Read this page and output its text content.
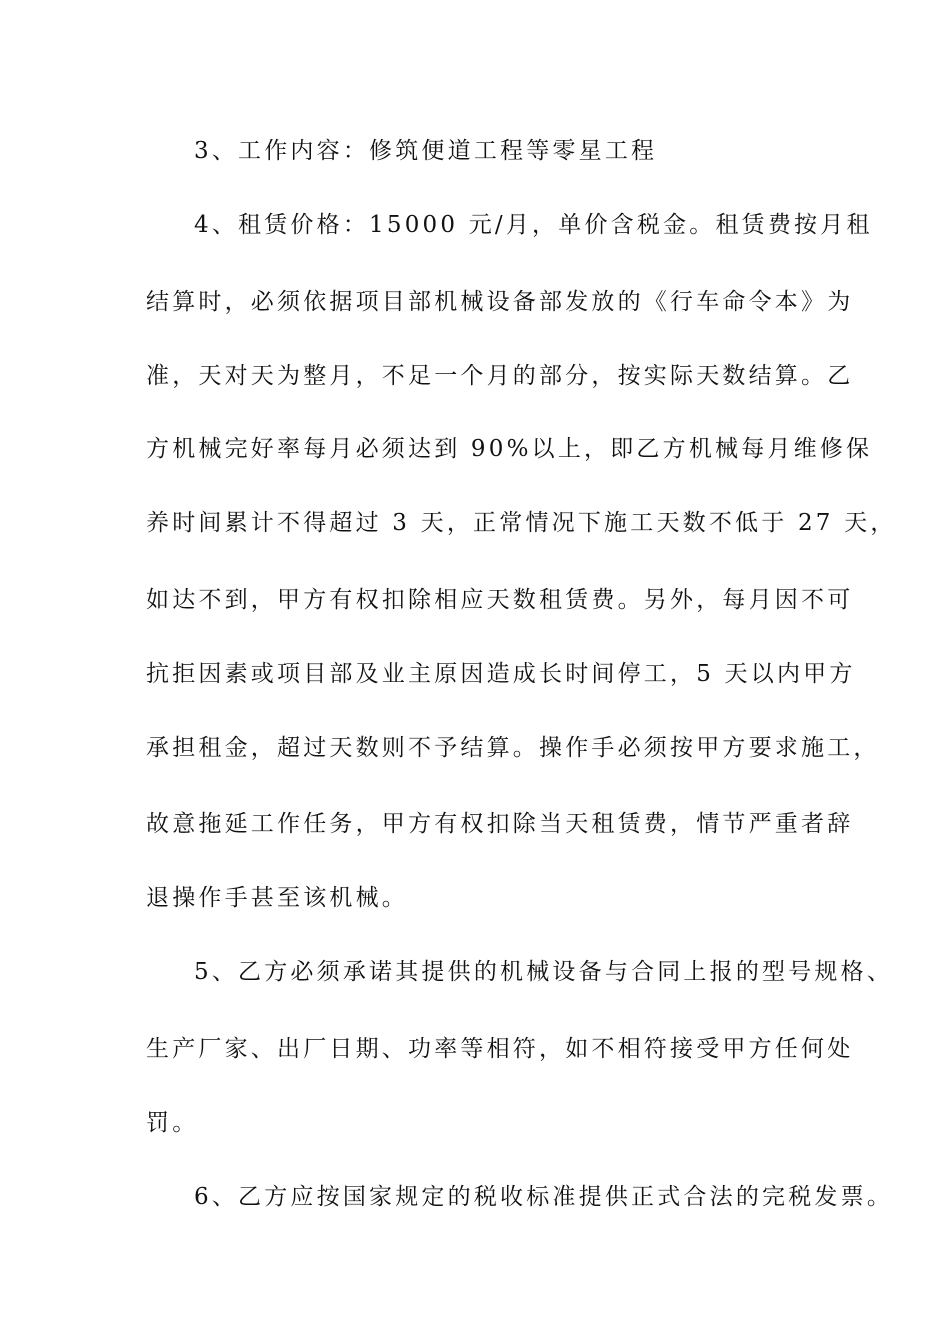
3、工作内容：修筑便道工程等零星工程
4、租赁价格：15000 元/月，单价含税金。租赁费按月租
结算时，必须依据项目部机械设备部发放的《行车命令本》为
准，天对天为整月，不足一个月的部分，按实际天数结算。乙
方机械完好率每月必须达到 90%以上，即乙方机械每月维修保
养时间累计不得超过 3 天，正常情况下施工天数不低于 27 天，
如达不到，甲方有权扣除相应天数租赁费。另外，每月因不可
抗拒因素或项目部及业主原因造成长时间停工，5 天以内甲方
承担租金，超过天数则不予结算。操作手必须按甲方要求施工，
故意拖延工作任务，甲方有权扣除当天租赁费，情节严重者辞
退操作手甚至该机械。
5、乙方必须承诺其提供的机械设备与合同上报的型号规格、
生产厂家、出厂日期、功率等相符，如不相符接受甲方任何处
罚。
6、乙方应按国家规定的税收标准提供正式合法的完税发票。
